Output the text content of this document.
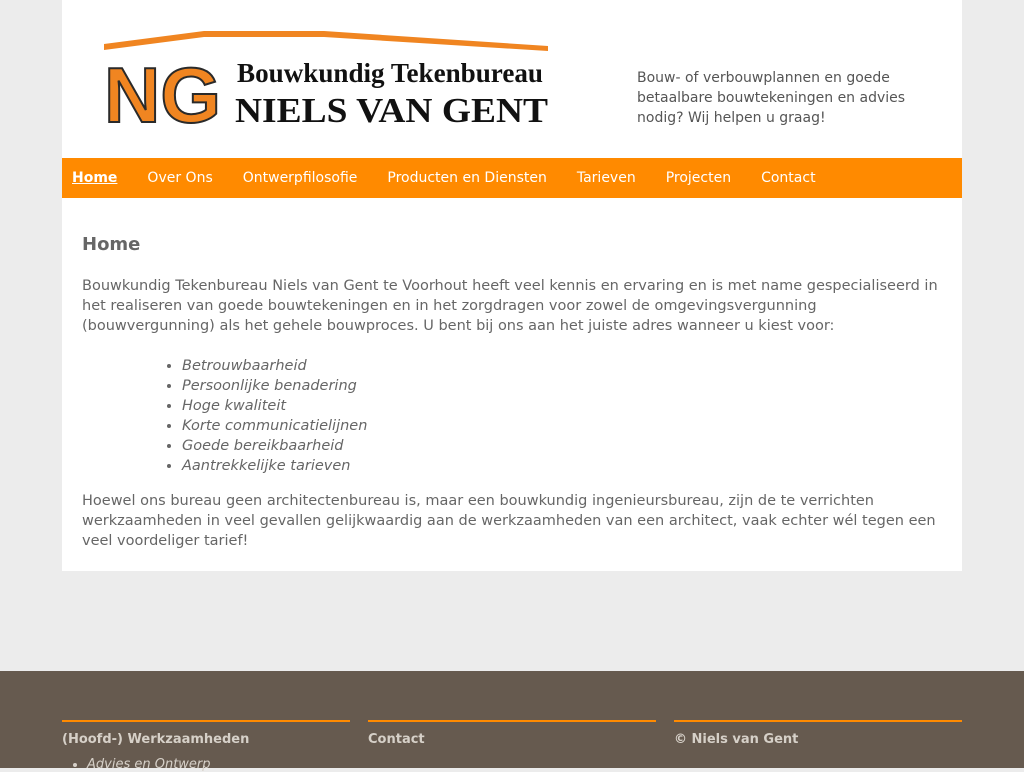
NG Bouwkundig Tekenbureau
NIELS VAN GENT
Bouw- of verbouwplannen en goede betaalbare bouwtekeningen en advies nodig? Wij helpen u graag!
Home	Over Ons	Ontwerpfilosofie	Producten en Diensten	Tarieven	Projecten	Contact
Home

Bouwkundig Tekenbureau Niels van Gent te Voorhout heeft veel kennis en ervaring en is met name gespecialiseerd in het realiseren van goede bouwtekeningen en in het zorgdragen voor zowel de omgevingsvergunning (bouwvergunning) als het gehele bouwproces. U bent bij ons aan het juiste adres wanneer u kiest voor:

• Betrouwbaarheid
• Persoonlijke benadering
• Hoge kwaliteit
• Korte communicatielijnen
• Goede bereikbaarheid
• Aantrekkelijke tarieven

Hoewel ons bureau geen architectenbureau is, maar een bouwkundig ingenieursbureau, zijn de te verrichten werkzaamheden in veel gevallen gelijkwaardig aan de werkzaamheden van een architect, vaak echter wél tegen een veel voordeliger tarief!

(Hoofd-) Werkzaamheden
• Advies en Ontwerp
Contact	© Niels van Gent
